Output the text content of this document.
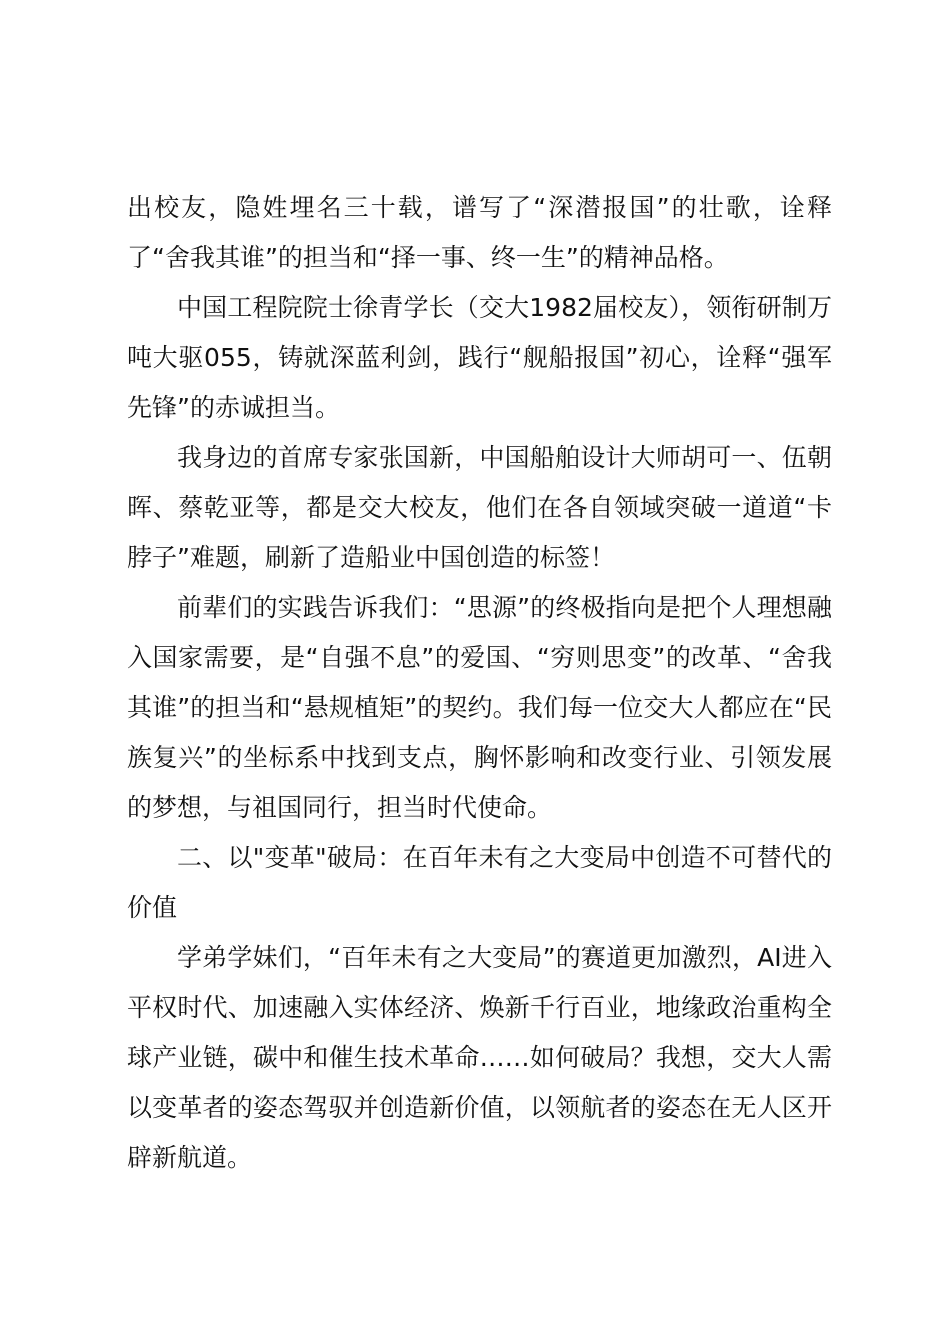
出校友，隐姓埋名三十载，谱写了“深潜报国”的壮歌，诠释了“舍我其谁”的担当和“择一事、终一生”的精神品格。

中国工程院院士徐青学长（交大1982届校友），领衔研制万吨大驱055，铸就深蓝利剑，践行“舰船报国”初心，诠释“强军先锋”的赤诚担当。

我身边的首席专家张国新，中国船舶设计大师胡可一、伍朝晖、蔡乾亚等，都是交大校友，他们在各自领域突破一道道“卡脖子”难题，刷新了造船业中国创造的标签！

前辈们的实践告诉我们：“思源”的终极指向是把个人理想融入国家需要，是“自强不息”的爱国、“穷则思变”的改革、“舍我其谁”的担当和“悬规植矩”的契约。我们每一位交大人都应在“民族复兴”的坐标系中找到支点，胸怀影响和改变行业、引领发展的梦想，与祖国同行，担当时代使命。

二、以"变革"破局：在百年未有之大变局中创造不可替代的价值

学弟学妹们，“百年未有之大变局”的赛道更加激烈，AI进入平权时代、加速融入实体经济、焕新千行百业，地缘政治重构全球产业链，碳中和催生技术革命……如何破局？我想，交大人需以变革者的姿态驾驭并创造新价值，以领航者的姿态在无人区开辟新航道。
